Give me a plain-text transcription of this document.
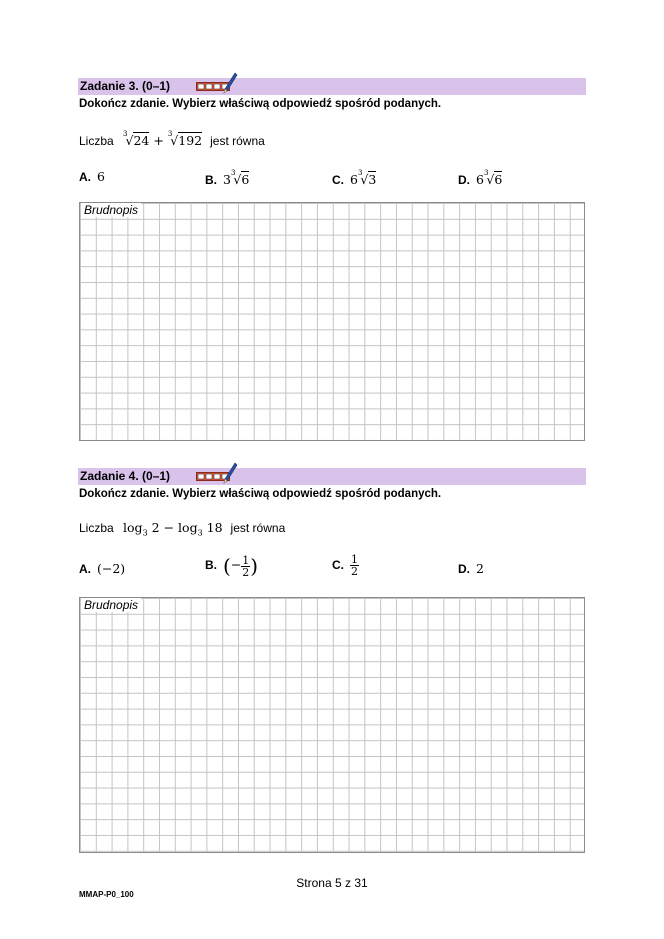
Zadanie 3. (0–1)
Dokończ zdanie. Wybierz właściwą odpowiedź spośród podanych.
Liczba $^3$√24 + $^3$√192 jest równa
A. 6	B. $3^3√6$	C. $6^3√3$	D. $6^3√6$
Brudnopis
Zadanie 4. (0–1)
Dokończ zdanie. Wybierz właściwą odpowiedź spośród podanych.
Liczba $\log_3 2 - \log_3 18$ jest równa
A. (−2)	B. (− $\frac{1}{2}$ )	C. $\frac{1}{2}$	D. 2
Brudnopis
Strona 5 z 31
MMAP-P0_100
